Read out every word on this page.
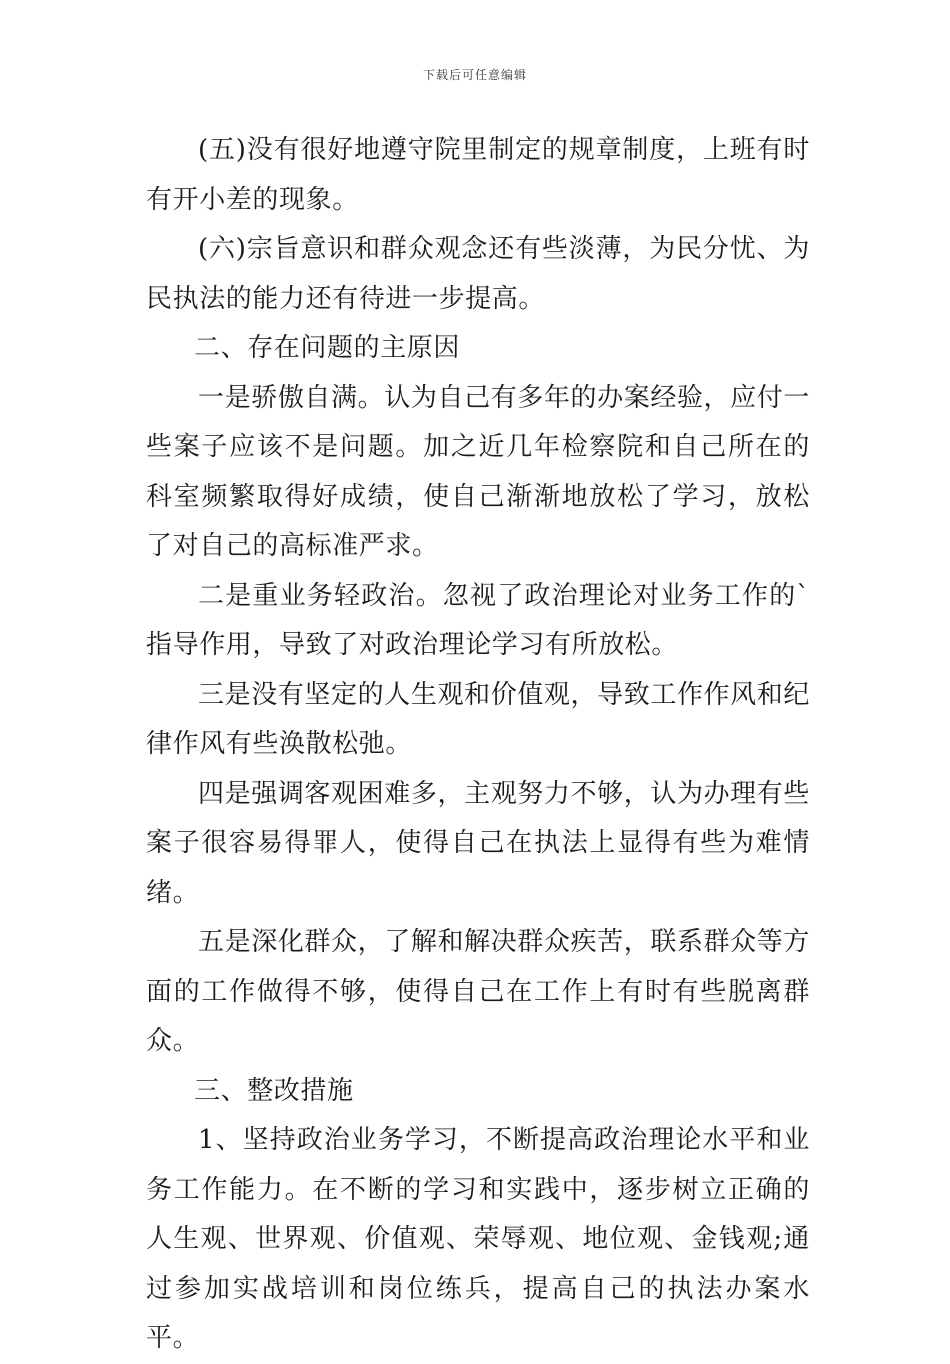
下载后可任意编辑

(五)没有很好地遵守院里制定的规章制度，上班有时有开小差的现象。

(六)宗旨意识和群众观念还有些淡薄，为民分忧、为民执法的能力还有待进一步提高。

二、存在问题的主原因

一是骄傲自满。认为自己有多年的办案经验，应付一些案子应该不是问题。加之近几年检察院和自己所在的科室频繁取得好成绩，使自己渐渐地放松了学习，放松了对自己的高标准严求。

二是重业务轻政治。忽视了政治理论对业务工作的`指导作用，导致了对政治理论学习有所放松。

三是没有坚定的人生观和价值观，导致工作作风和纪律作风有些涣散松弛。

四是强调客观困难多，主观努力不够，认为办理有些案子很容易得罪人，使得自己在执法上显得有些为难情绪。

五是深化群众，了解和解决群众疾苦，联系群众等方面的工作做得不够，使得自己在工作上有时有些脱离群众。

三、整改措施

1、坚持政治业务学习，不断提高政治理论水平和业务工作能力。在不断的学习和实践中，逐步树立正确的人生观、世界观、价值观、荣辱观、地位观、金钱观;通过参加实战培训和岗位练兵，提高自己的执法办案水平。
